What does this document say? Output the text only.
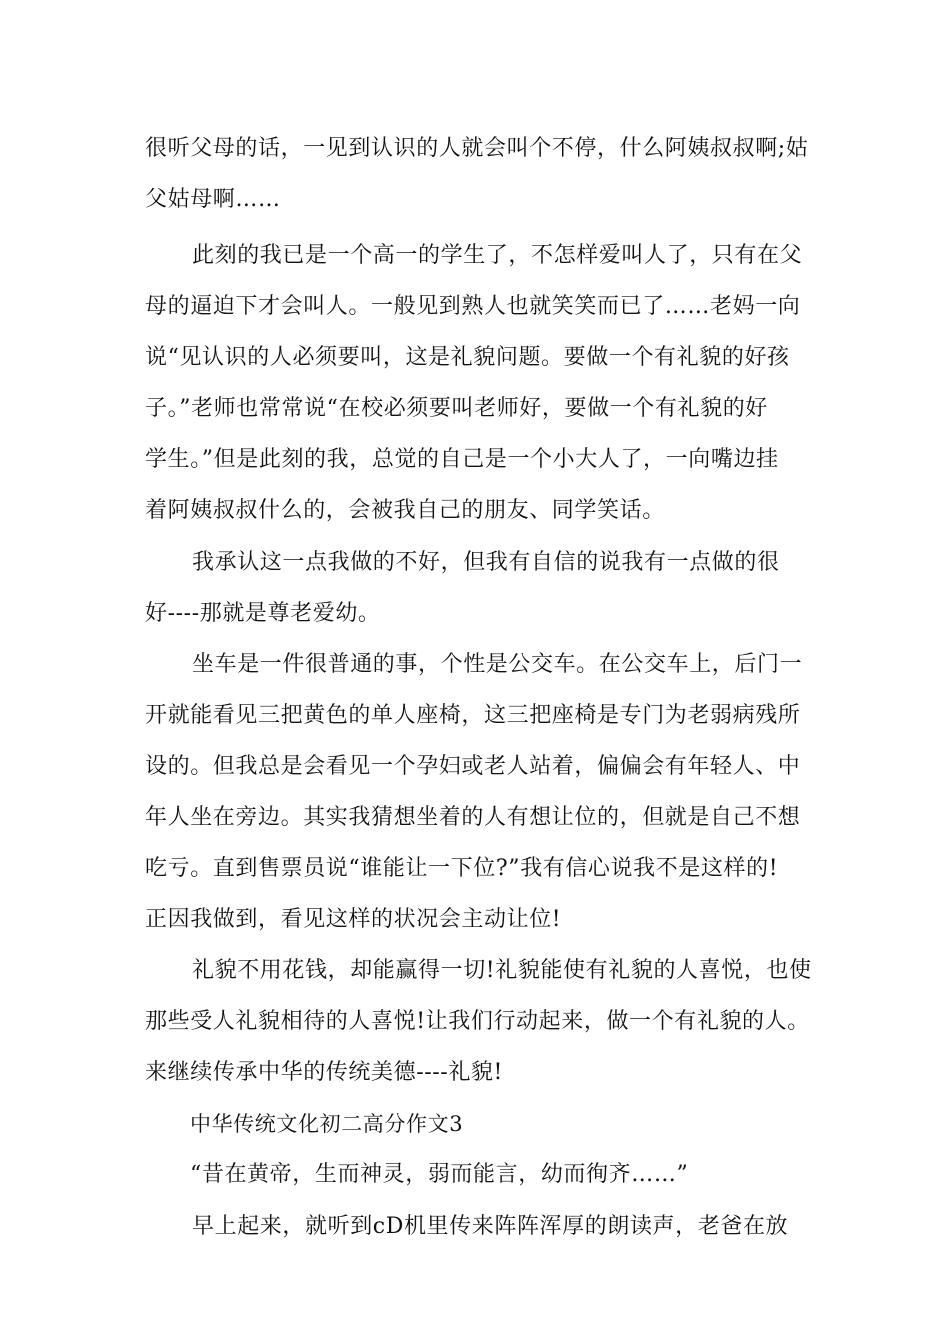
很听父母的话，一见到认识的人就会叫个不停，什么阿姨叔叔啊;姑
父姑母啊……
此刻的我已是一个高一的学生了，不怎样爱叫人了，只有在父
母的逼迫下才会叫人。一般见到熟人也就笑笑而已了……老妈一向
说“见认识的人必须要叫，这是礼貌问题。要做一个有礼貌的好孩
子。”老师也常常说“在校必须要叫老师好，要做一个有礼貌的好
学生。”但是此刻的我，总觉的自己是一个小大人了，一向嘴边挂
着阿姨叔叔什么的，会被我自己的朋友、同学笑话。
我承认这一点我做的不好，但我有自信的说我有一点做的很
好----那就是尊老爱幼。
坐车是一件很普通的事，个性是公交车。在公交车上，后门一
开就能看见三把黄色的单人座椅，这三把座椅是专门为老弱病残所
设的。但我总是会看见一个孕妇或老人站着，偏偏会有年轻人、中
年人坐在旁边。其实我猜想坐着的人有想让位的，但就是自己不想
吃亏。直到售票员说“谁能让一下位?”我有信心说我不是这样的!
正因我做到，看见这样的状况会主动让位!
礼貌不用花钱，却能赢得一切!礼貌能使有礼貌的人喜悦，也使
那些受人礼貌相待的人喜悦!让我们行动起来，做一个有礼貌的人。
来继续传承中华的传统美德----礼貌!
中华传统文化初二高分作文3
“昔在黄帝，生而神灵，弱而能言，幼而徇齐……”
早上起来，就听到cD机里传来阵阵浑厚的朗读声，老爸在放
